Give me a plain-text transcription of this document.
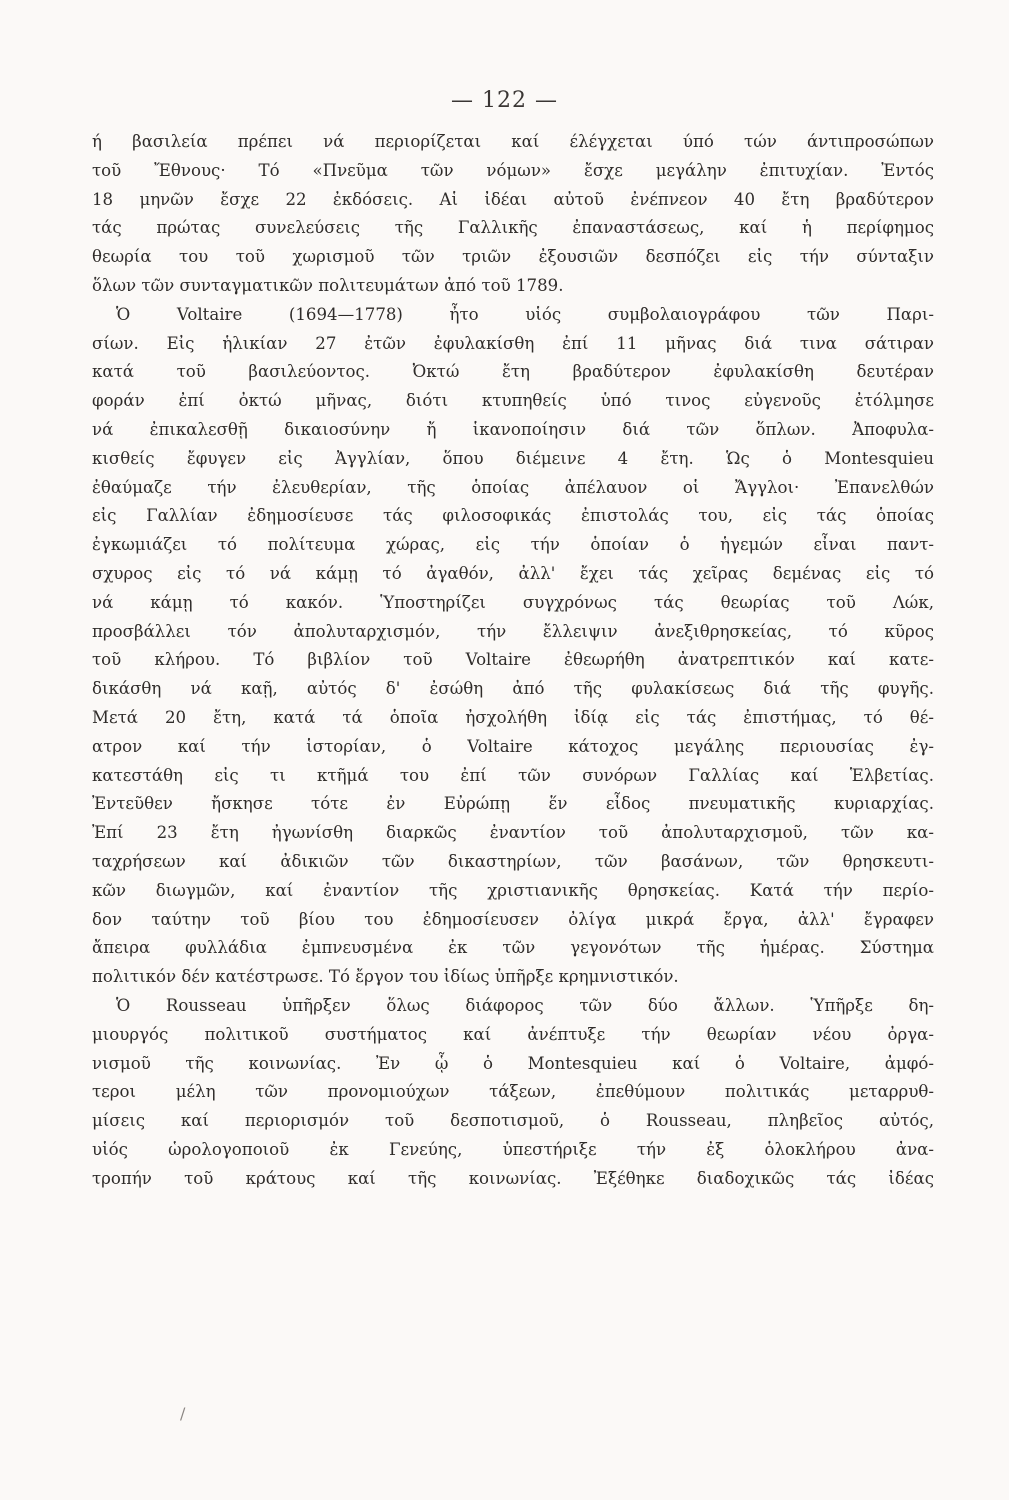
— 122 —
ή βασιλεία πρέπει νά περιορίζεται καί έλέγχεται ύπό τών άντιπροσώπων
τοῦ Ἔθνους· Τό «Πνεῦμα τῶν νόμων» ἔσχε μεγάλην ἐπιτυχίαν. Ἐντός
18 μηνῶν ἔσχε 22 ἐκδόσεις. Αἱ ἰδέαι αὐτοῦ ἐνέπνεον 40 ἔτη βραδύτερον
τάς πρώτας συνελεύσεις τῆς Γαλλικῆς ἐπαναστάσεως, καί ἡ περίφημος
θεωρία του τοῦ χωρισμοῦ τῶν τριῶν ἐξουσιῶν δεσπόζει εἰς τήν σύνταξιν
ὅλων τῶν συνταγματικῶν πολιτευμάτων ἀπό τοῦ 1789.
Ὁ Voltaire (1694—1778) ἦτο υἱός συμβολαιογράφου τῶν Παρι-
σίων. Εἰς ἡλικίαν 27 ἐτῶν ἐφυλακίσθη ἐπί 11 μῆνας διά τινα σάτιραν
κατά τοῦ βασιλεύοντος. Ὀκτώ ἔτη βραδύτερον ἐφυλακίσθη δευτέραν
φοράν ἐπί ὀκτώ μῆνας, διότι κτυπηθείς ὑπό τινος εὐγενοῦς ἐτόλμησε
νά ἐπικαλεσθῇ δικαιοσύνην ἤ ἱκανοποίησιν διά τῶν ὅπλων. Ἀποφυλα-
κισθείς ἔφυγεν εἰς Ἀγγλίαν, ὅπου διέμεινε 4 ἔτη. Ὡς ὁ Montesquieu
ἐθαύμαζε τήν ἐλευθερίαν, τῆς ὁποίας ἀπέλαυον οἱ Ἄγγλοι· Ἐπανελθών
εἰς Γαλλίαν ἐδημοσίευσε τάς φιλοσοφικάς ἐπιστολάς του, εἰς τάς ὁποίας
ἐγκωμιάζει τό πολίτευμα χώρας, εἰς τήν ὁποίαν ὁ ἡγεμών εἶναι παντ-
σχυρος εἰς τό νά κάμῃ τό ἀγαθόν, ἀλλ' ἔχει τάς χεῖρας δεμένας εἰς τό
νά κάμῃ τό κακόν. Ὑποστηρίζει συγχρόνως τάς θεωρίας τοῦ Λώκ,
προσβάλλει τόν ἀπολυταρχισμόν, τήν ἔλλειψιν ἀνεξιθρησκείας, τό κῦρος
τοῦ κλήρου. Τό βιβλίον τοῦ Voltaire ἐθεωρήθη ἀνατρεπτικόν καί κατε-
δικάσθη νά καῇ, αὐτός δ' ἐσώθη ἀπό τῆς φυλακίσεως διά τῆς φυγῆς.
Μετά 20 ἔτη, κατά τά ὁποῖα ἠσχολήθη ἰδίᾳ εἰς τάς ἐπιστήμας, τό θέ-
ατρον καί τήν ἱστορίαν, ὁ Voltaire κάτοχος μεγάλης περιουσίας ἐγ-
κατεστάθη εἰς τι κτῆμά του ἐπί τῶν συνόρων Γαλλίας καί Ἑλβετίας.
Ἐντεῦθεν ἤσκησε τότε ἐν Εὐρώπῃ ἕν εἶδος πνευματικῆς κυριαρχίας.
Ἐπί 23 ἔτη ἠγωνίσθη διαρκῶς ἐναντίον τοῦ ἀπολυταρχισμοῦ, τῶν κα-
ταχρήσεων καί ἀδικιῶν τῶν δικαστηρίων, τῶν βασάνων, τῶν θρησκευτι-
κῶν διωγμῶν, καί ἐναντίον τῆς χριστιανικῆς θρησκείας. Κατά τήν περίο-
δον ταύτην τοῦ βίου του ἐδημοσίευσεν ὀλίγα μικρά ἔργα, ἀλλ' ἔγραφεν
ἄπειρα φυλλάδια ἐμπνευσμένα ἐκ τῶν γεγονότων τῆς ἡμέρας. Σύστημα
πολιτικόν δέν κατέστρωσε. Τό ἔργον του ἰδίως ὑπῆρξε κρημνιστικόν.
Ὁ Rousseau ὑπῆρξεν ὅλως διάφορος τῶν δύο ἄλλων. Ὑπῆρξε δη-
μιουργός πολιτικοῦ συστήματος καί ἀνέπτυξε τήν θεωρίαν νέου ὀργα-
νισμοῦ τῆς κοινωνίας. Ἐν ᾧ ὁ Montesquieu καί ὁ Voltaire, ἀμφό-
τεροι μέλη τῶν προνομιούχων τάξεων, ἐπεθύμουν πολιτικάς μεταρρυθ-
μίσεις καί περιορισμόν τοῦ δεσποτισμοῦ, ὁ Rousseau, πληβεῖος αὐτός,
υἱός ὡρολογοποιοῦ ἐκ Γενεύης, ὑπεστήριξε τήν ἐξ ὁλοκλήρου ἀνα-
τροπήν τοῦ κράτους καί τῆς κοινωνίας. Ἐξέθηκε διαδοχικῶς τάς ἰδέας
/
